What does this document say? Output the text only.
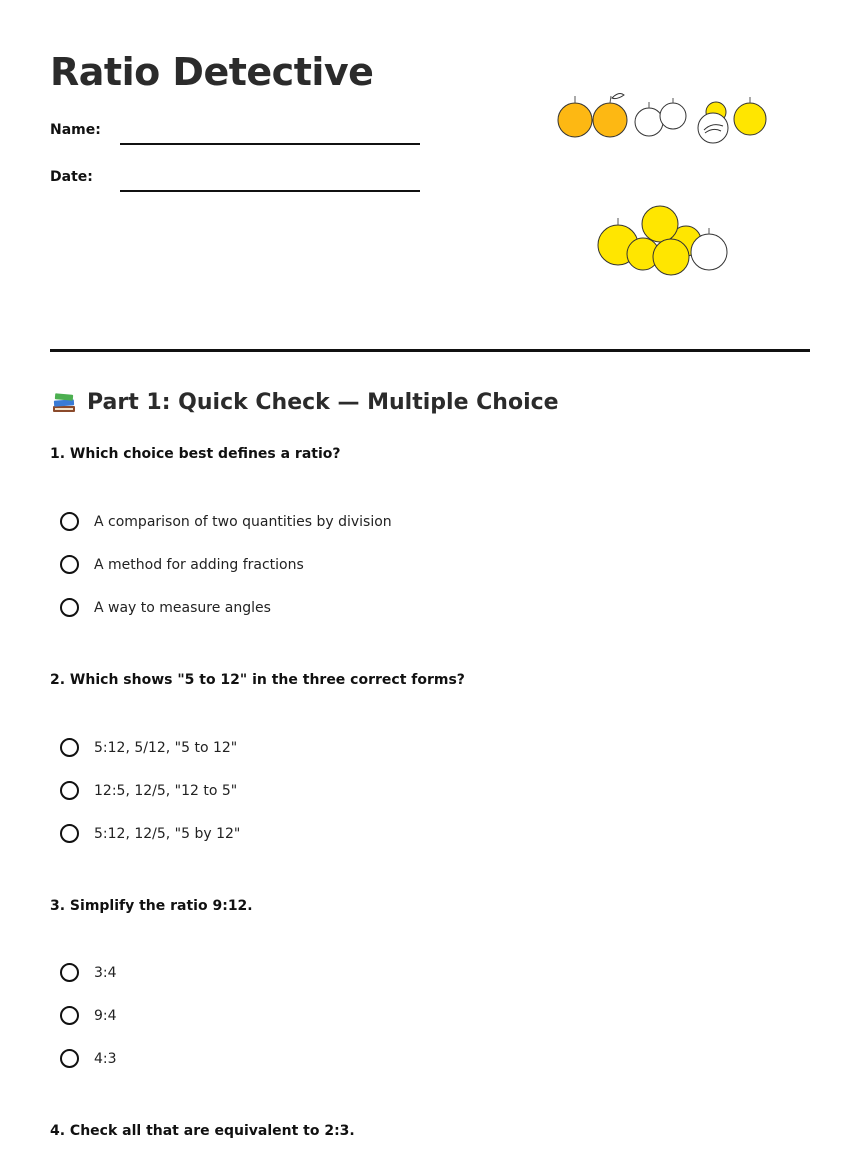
Ratio Detective
Name:
Date:
Part 1: Quick Check — Multiple Choice

1. Which choice best defines a ratio?

A comparison of two quantities by division
A method for adding fractions
A way to measure angles

2. Which shows "5 to 12" in the three correct forms?

5:12, 5/12, "5 to 12"
12:5, 12/5, "12 to 5"
5:12, 12/5, "5 by 12"

3. Simplify the ratio 9:12.

3:4
9:4
4:3

4. Check all that are equivalent to 2:3.
